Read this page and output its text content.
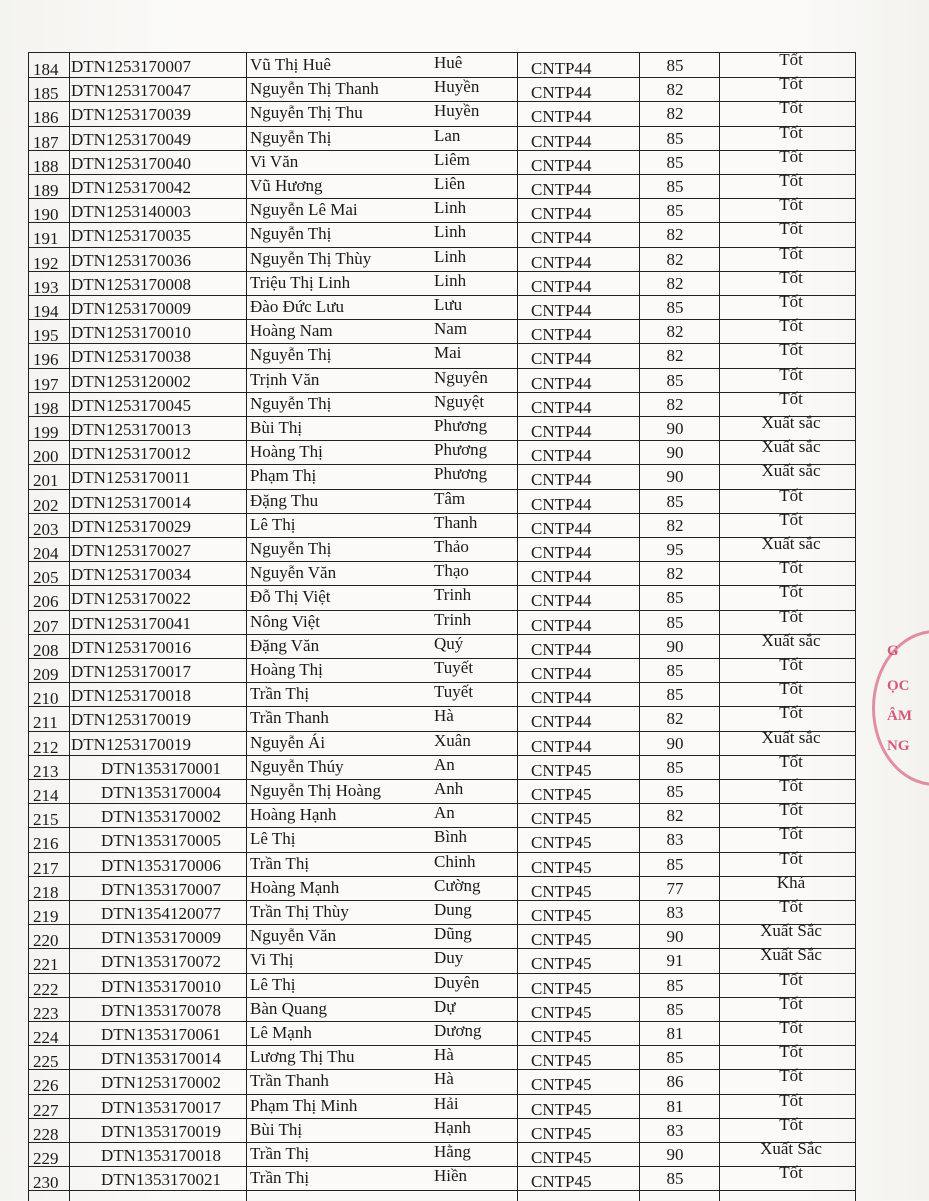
G
ỌC
ÂM
NG
184 DTN1253170007	Vũ Thị Huê	Huê	CNTP44	85	Tốt
185 DTN1253170047	Nguyễn Thị Thanh	Huyền	CNTP44	82	Tốt
186 DTN1253170039	Nguyễn Thị Thu	Huyền	CNTP44	82	Tốt
187 DTN1253170049	Nguyễn Thị	Lan	CNTP44	85	Tốt
188 DTN1253170040	Vi Văn	Liêm	CNTP44	85	Tốt
189 DTN1253170042	Vũ Hương	Liên	CNTP44	85	Tốt
190 DTN1253140003	Nguyễn Lê Mai	Linh	CNTP44	85	Tốt
191 DTN1253170035	Nguyễn Thị	Linh	CNTP44	82	Tốt
192 DTN1253170036	Nguyễn Thị Thùy	Linh	CNTP44	82	Tốt
193 DTN1253170008	Triệu Thị Linh	Linh	CNTP44	82	Tốt
194 DTN1253170009	Đào Đức Lưu	Lưu	CNTP44	85	Tốt
195 DTN1253170010	Hoàng Nam	Nam	CNTP44	82	Tốt
196 DTN1253170038	Nguyễn Thị	Mai	CNTP44	82	Tốt
197 DTN1253120002	Trịnh Văn	Nguyên	CNTP44	85	Tốt
198 DTN1253170045	Nguyễn Thị	Nguyệt	CNTP44	82	Tốt
199 DTN1253170013	Bùi Thị	Phương	CNTP44	90	Xuất sắc
200 DTN1253170012	Hoàng Thị	Phương	CNTP44	90	Xuất sắc
201 DTN1253170011	Phạm Thị	Phương	CNTP44	90	Xuất sắc
202 DTN1253170014	Đặng Thu	Tâm	CNTP44	85	Tốt
203 DTN1253170029	Lê Thị	Thanh	CNTP44	82	Tốt
204 DTN1253170027	Nguyễn Thị	Thảo	CNTP44	95	Xuất sắc
205 DTN1253170034	Nguyễn Văn	Thạo	CNTP44	82	Tốt
206 DTN1253170022	Đỗ Thị Việt	Trinh	CNTP44	85	Tốt
207 DTN1253170041	Nông Việt	Trinh	CNTP44	85	Tốt
208 DTN1253170016	Đặng Văn	Quý	CNTP44	90	Xuất sắc
209 DTN1253170017	Hoàng Thị	Tuyết	CNTP44	85	Tốt
210 DTN1253170018	Trần Thị	Tuyết	CNTP44	85	Tốt
211 DTN1253170019	Trần Thanh	Hà	CNTP44	82	Tốt
212 DTN1253170019	Nguyễn Ái	Xuân	CNTP44	90	Xuất sắc
213	DTN1353170001	Nguyễn Thúy	An	CNTP45	85	Tốt
214	DTN1353170004	Nguyễn Thị Hoàng	Anh	CNTP45	85	Tốt
215	DTN1353170002	Hoàng Hạnh	An	CNTP45	82	Tốt
216	DTN1353170005	Lê Thị	Bình	CNTP45	83	Tốt
217	DTN1353170006	Trần Thị	Chinh	CNTP45	85	Tốt
218	DTN1353170007	Hoàng Mạnh	Cường	CNTP45	77	Khá
219	DTN1354120077	Trần Thị Thùy	Dung	CNTP45	83	Tốt
220	DTN1353170009	Nguyễn Văn	Dũng	CNTP45	90	Xuất Sắc
221	DTN1353170072	Vi Thị	Duy	CNTP45	91	Xuất Sắc
222	DTN1353170010	Lê Thị	Duyên	CNTP45	85	Tốt
223	DTN1353170078	Bàn Quang	Dự	CNTP45	85	Tốt
224	DTN1353170061	Lê Mạnh	Dương	CNTP45	81	Tốt
225	DTN1353170014	Lương Thị Thu	Hà	CNTP45	85	Tốt
226	DTN1253170002	Trần Thanh	Hà	CNTP45	86	Tốt
227	DTN1353170017	Phạm Thị Minh	Hải	CNTP45	81	Tốt
228	DTN1353170019	Bùi Thị	Hạnh	CNTP45	83	Tốt
229	DTN1353170018	Trần Thị	Hằng	CNTP45	90	Xuất Sắc
230	DTN1353170021	Trần Thị	Hiền	CNTP45	85	Tốt
